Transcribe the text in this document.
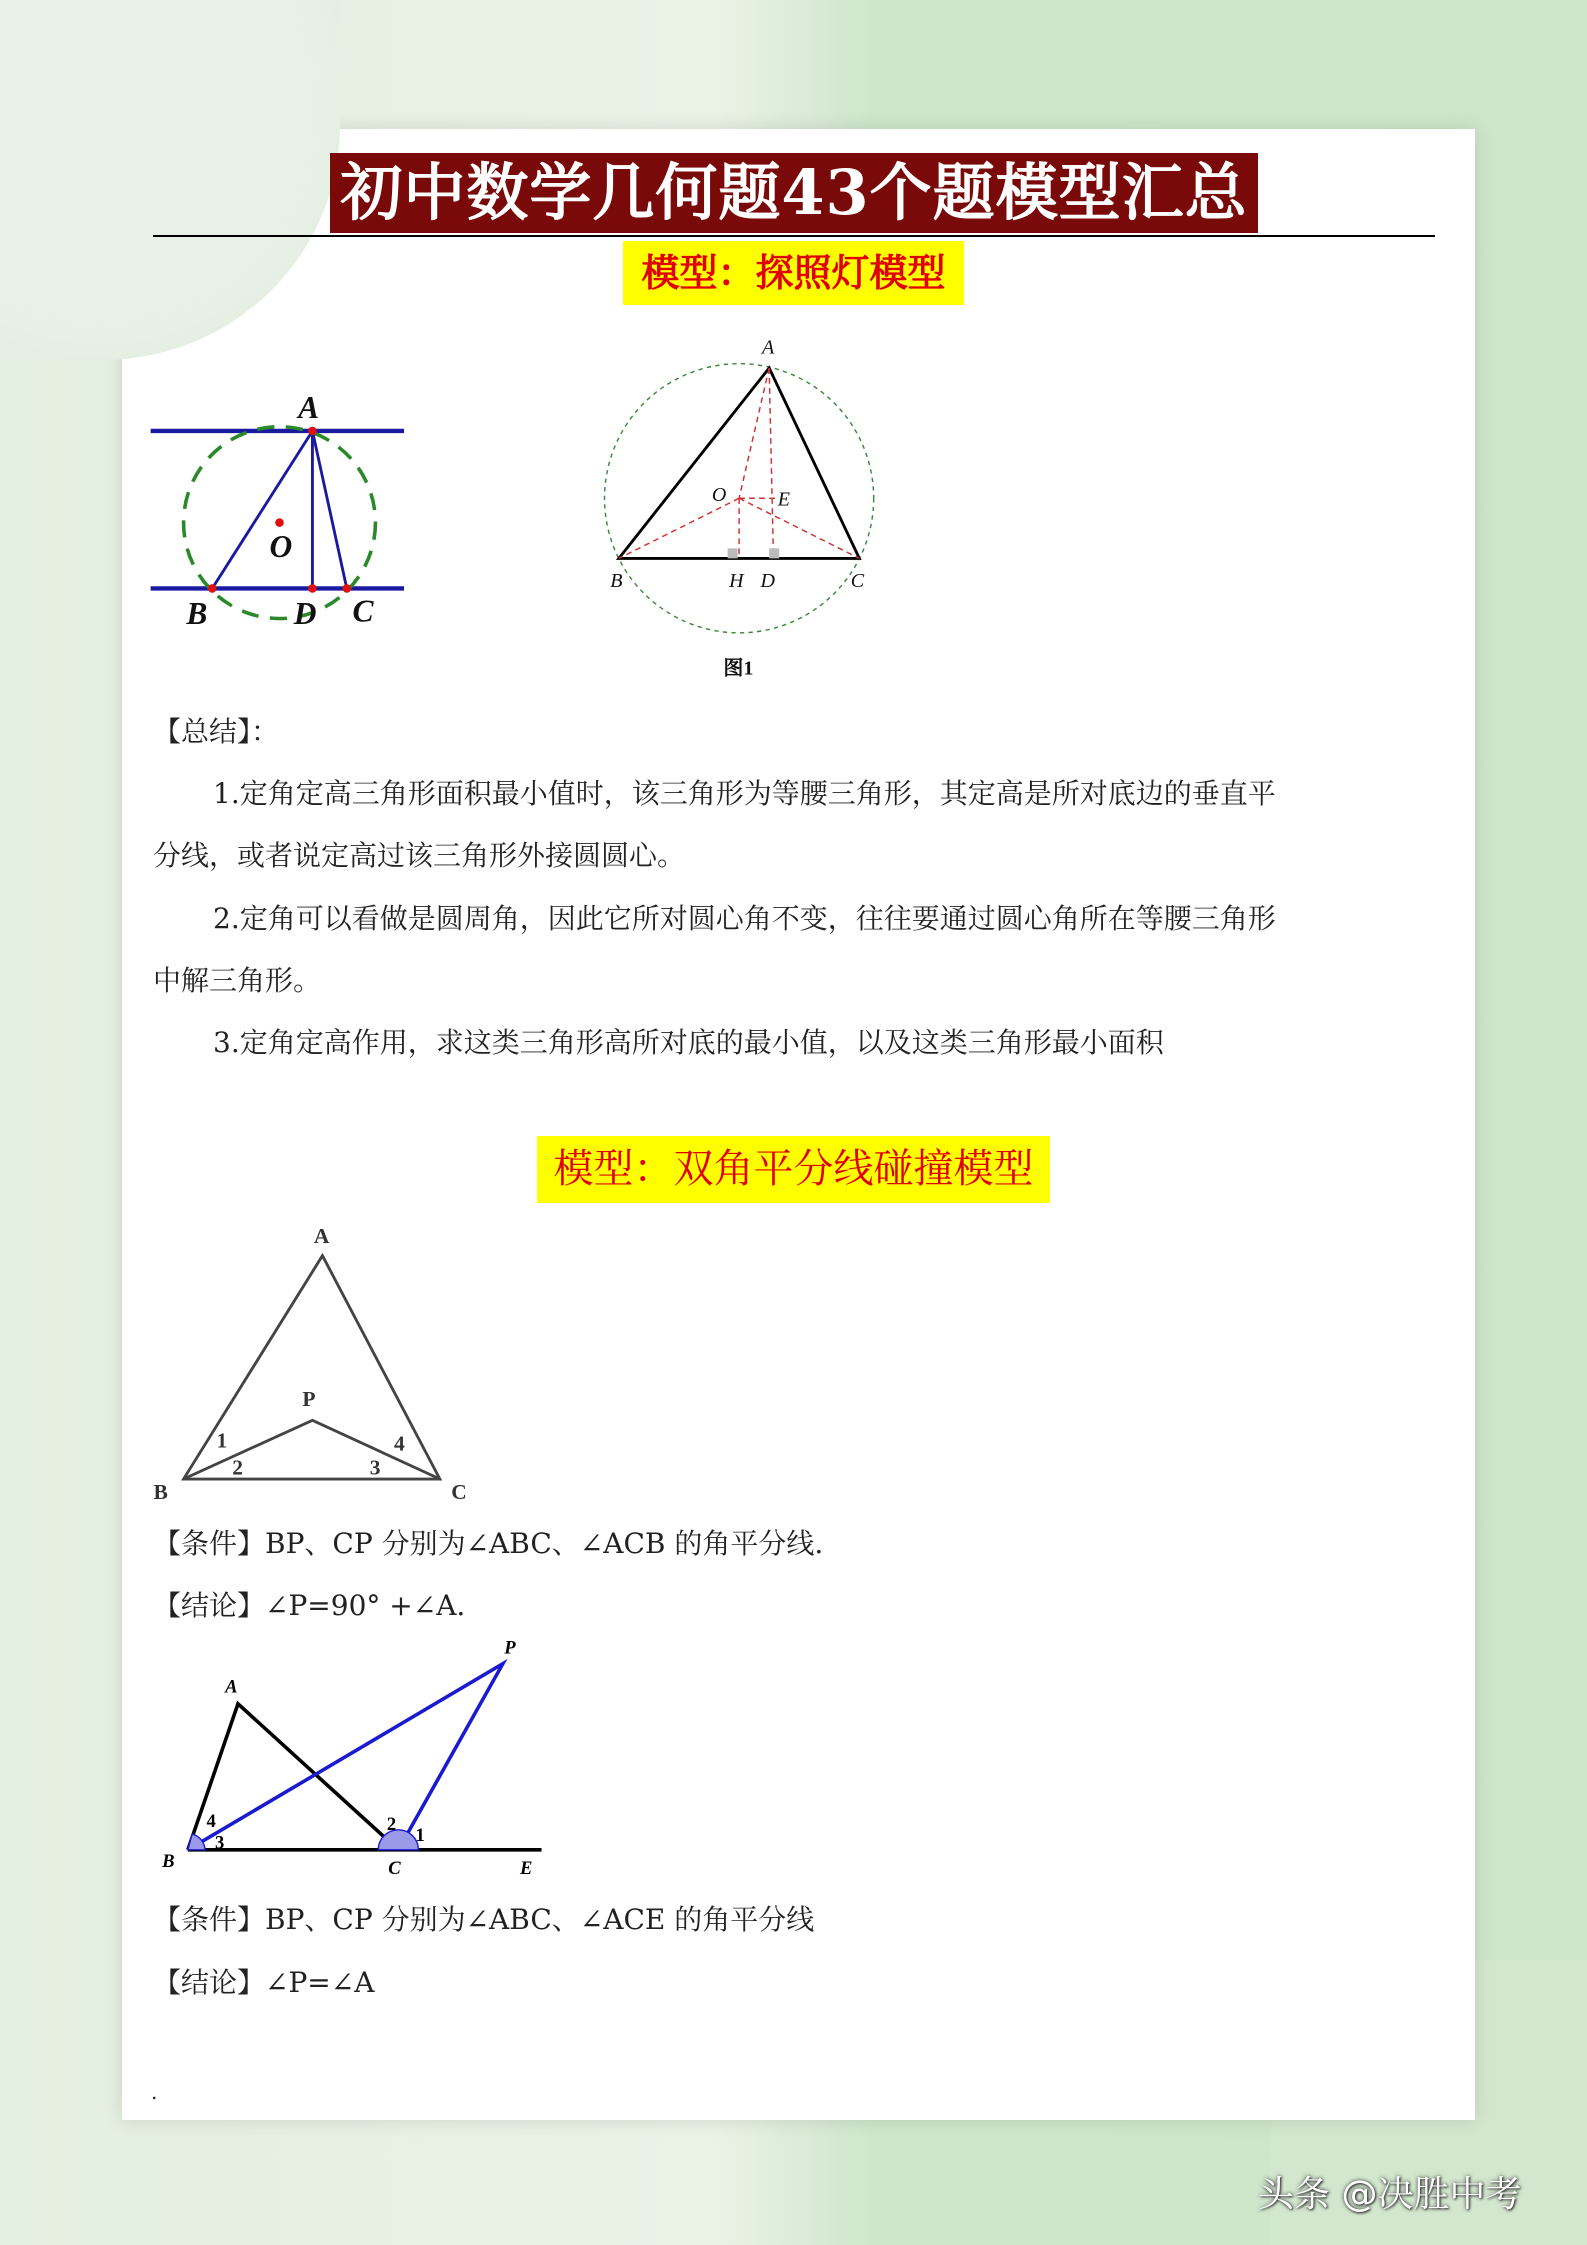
初中数学几何题43个题模型汇总
模型：探照灯模型
A
O
B	D C
A
O	E
B	H D	C
图1
A
P
B	C
1
2	3
4
A
P
B	C	E
4
3
2
1
【总结】：
1.定角定高三角形面积最小值时，该三角形为等腰三角形，其定高是所对底边的垂直平
分线，或者说定高过该三角形外接圆圆心。
2.定角可以看做是圆周角，因此它所对圆心角不变，往往要通过圆心角所在等腰三角形
中解三角形。
3.定角定高作用，求这类三角形高所对底的最小值，以及这类三角形最小面积
模型：双角平分线碰撞模型
【条件】BP、CP 分别为∠ABC、∠ACB 的角平分线.
【结论】∠P=90° +∠A.
【条件】BP、CP 分别为∠ABC、∠ACE 的角平分线
【结论】∠P=∠A
.
头条 @决胜中考
